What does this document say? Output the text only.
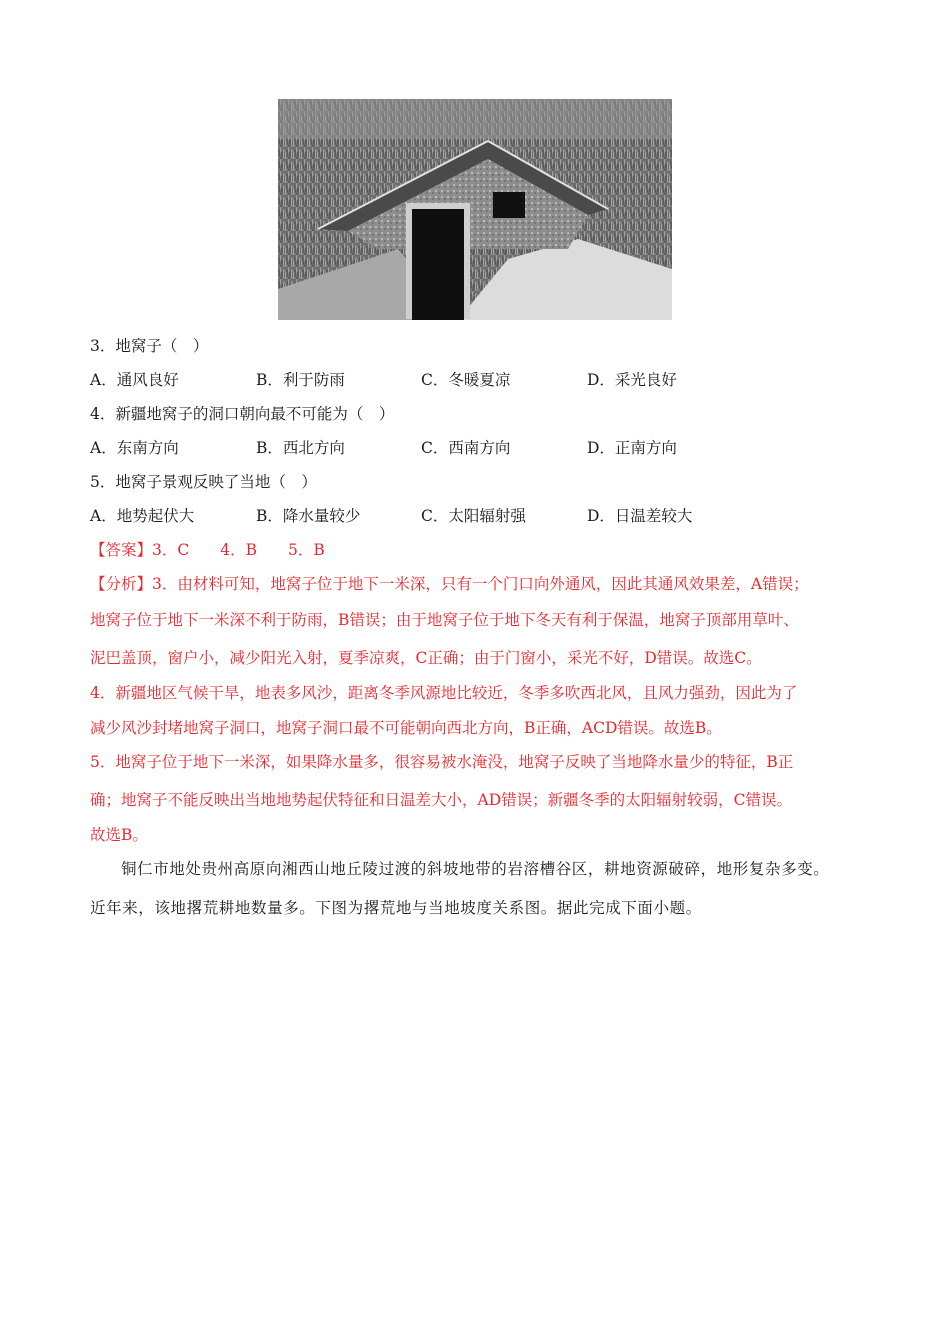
3．地窝子（　）
A．通风良好	B．利于防雨	C．冬暖夏凉	D．采光良好
4．新疆地窝子的洞口朝向最不可能为（　）
A．东南方向	B．西北方向	C．西南方向	D．正南方向
5．地窝子景观反映了当地（　）
A．地势起伏大	B．降水量较少	C．太阳辐射强	D．日温差较大
【答案】3．C　　4．B　　5．B
【分析】3．由材料可知，地窝子位于地下一米深，只有一个门口向外通风，因此其通风效果差，A错误；
地窝子位于地下一米深不利于防雨，B错误；由于地窝子位于地下冬天有利于保温，地窝子顶部用草叶、
泥巴盖顶，窗户小，减少阳光入射，夏季凉爽，C正确；由于门窗小，采光不好，D错误。故选C。
4．新疆地区气候干旱，地表多风沙，距离冬季风源地比较近，冬季多吹西北风，且风力强劲，因此为了
减少风沙封堵地窝子洞口，地窝子洞口最不可能朝向西北方向，B正确，ACD错误。故选B。
5．地窝子位于地下一米深，如果降水量多，很容易被水淹没，地窝子反映了当地降水量少的特征，B正
确；地窝子不能反映出当地地势起伏特征和日温差大小，AD错误；新疆冬季的太阳辐射较弱，C错误。
故选B。
铜仁市地处贵州高原向湘西山地丘陵过渡的斜坡地带的岩溶槽谷区，耕地资源破碎，地形复杂多变。
近年来，该地撂荒耕地数量多。下图为撂荒地与当地坡度关系图。据此完成下面小题。
